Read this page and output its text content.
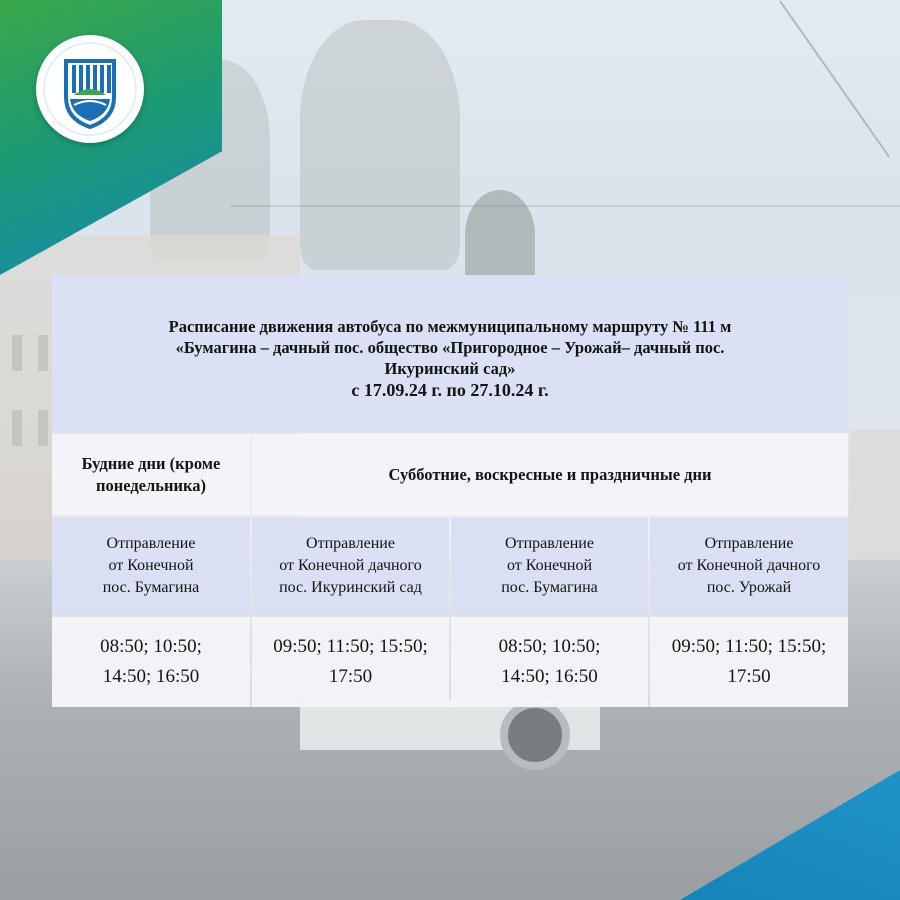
Расписание движения автобуса по межмуниципальному маршруту № 111 м
«Бумагина – дачный пос. общество «Пригородное – Урожай– дачный пос.
Икуринский сад»
с 17.09.24 г. по 27.10.24 г.
Будние дни (кроме понедельника)
Субботние, воскресные и праздничные дни
Отправление
от Конечной
пос. Бумагина
Отправление
от Конечной дачного
пос. Икуринский сад
Отправление
от Конечной
пос. Бумагина
Отправление
от Конечной дачного
пос. Урожай
08:50; 10:50;
14:50; 16:50
09:50; 11:50; 15:50;
17:50
08:50; 10:50;
14:50; 16:50
09:50; 11:50; 15:50;
17:50
